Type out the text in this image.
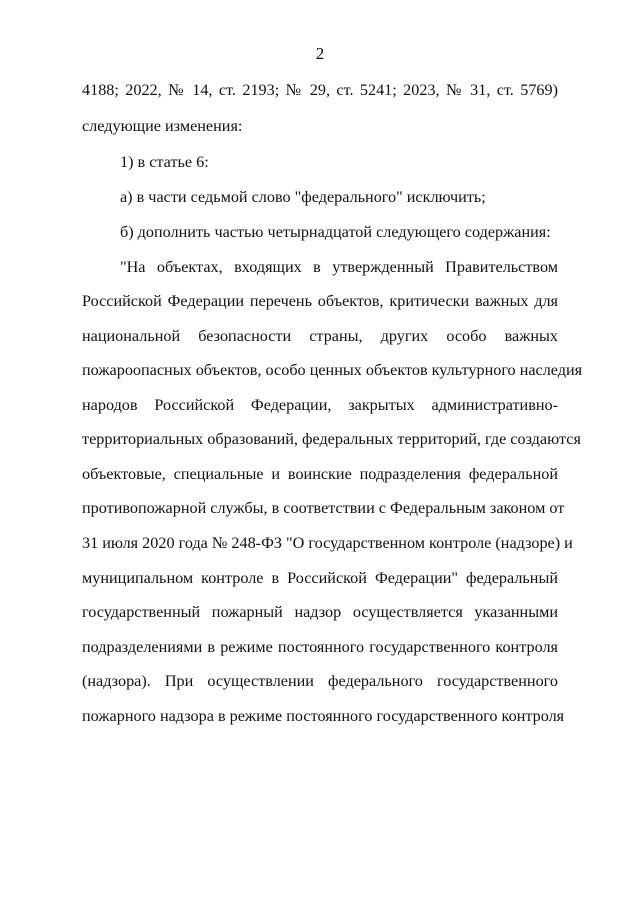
2
4188; 2022, № 14, ст. 2193; № 29, ст. 5241; 2023, № 31, ст. 5769)
следующие изменения:
1) в статье 6:
а) в части седьмой слово "федерального" исключить;
б) дополнить частью четырнадцатой следующего содержания:
"На объектах, входящих в утвержденный Правительством
Российской Федерации перечень объектов, критически важных для
национальной безопасности страны, других особо важных
пожароопасных объектов, особо ценных объектов культурного наследия
народов Российской Федерации, закрытых административно-
территориальных образований, федеральных территорий, где создаются
объектовые, специальные и воинские подразделения федеральной
противопожарной службы, в соответствии с Федеральным законом от
31 июля 2020 года № 248-ФЗ "О государственном контроле (надзоре) и
муниципальном контроле в Российской Федерации" федеральный
государственный пожарный надзор осуществляется указанными
подразделениями в режиме постоянного государственного контроля
(надзора). При осуществлении федерального государственного
пожарного надзора в режиме постоянного государственного контроля
